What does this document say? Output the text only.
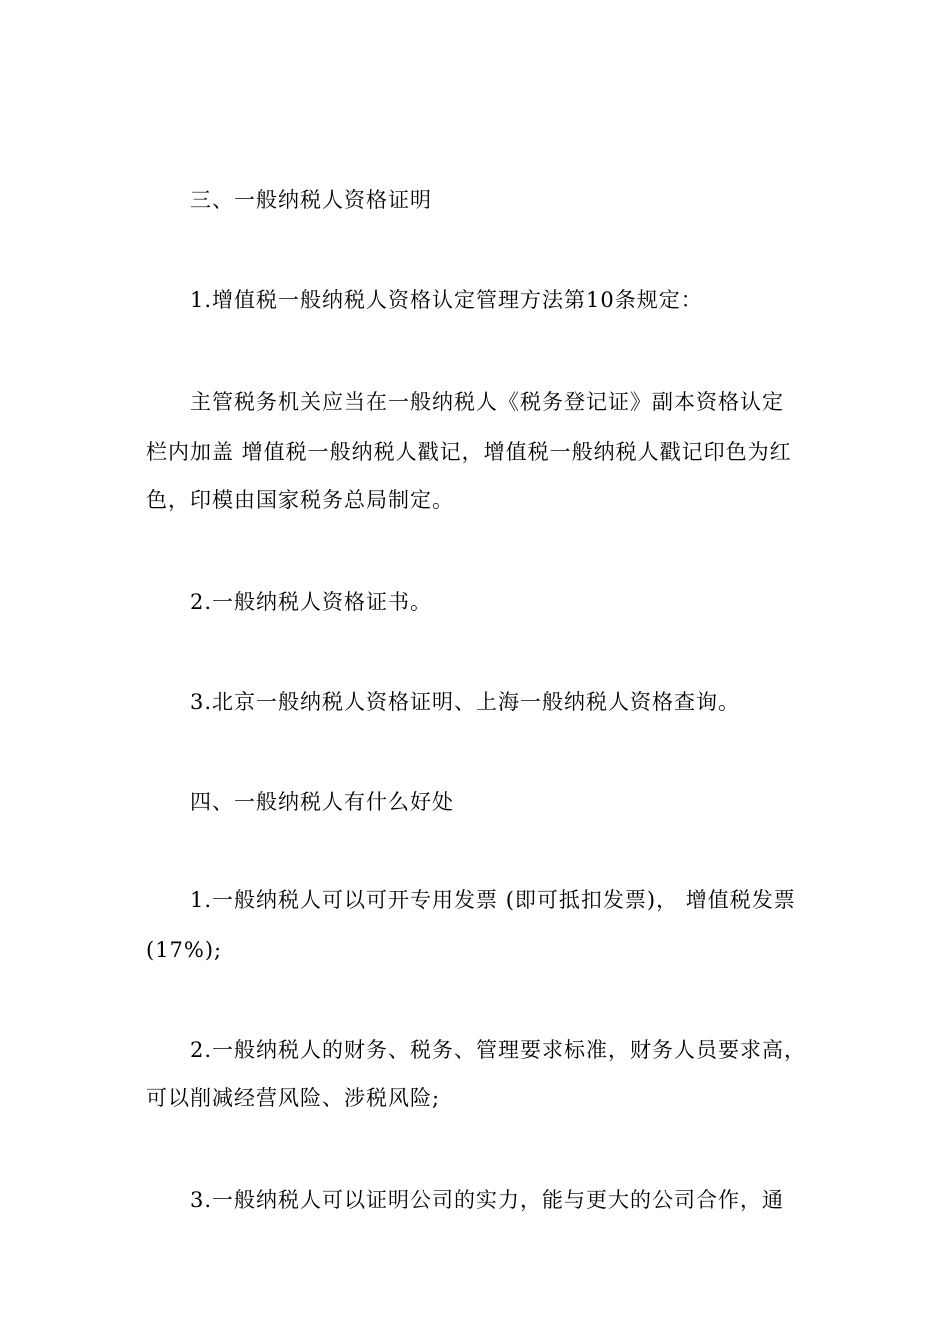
三、一般纳税人资格证明
1.增值税一般纳税人资格认定管理方法第10条规定：
主管税务机关应当在一般纳税人《税务登记证》副本资格认定
栏内加盖 增值税一般纳税人戳记，增值税一般纳税人戳记印色为红
色，印模由国家税务总局制定。
2.一般纳税人资格证书。
3.北京一般纳税人资格证明、上海一般纳税人资格查询。
四、一般纳税人有什么好处
1.一般纳税人可以可开专用发票 (即可抵扣发票)， 增值税发票
(17%);
2.一般纳税人的财务、税务、管理要求标准，财务人员要求高，
可以削减经营风险、涉税风险;
3.一般纳税人可以证明公司的实力，能与更大的公司合作，通
